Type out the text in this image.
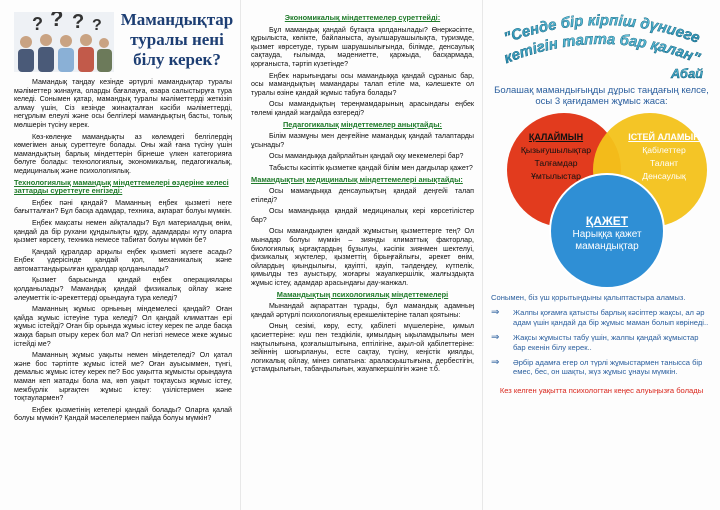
? ? ? ? Мамандықтар туралы нені білу керек?

Мамандық таңдау кезінде әртүрлі мамандықтар туралы мәліметтер жинауға, оларды бағалауға, өзара салыстыруға тура келеді. Сонымен қатар, мамандық туралы мәліметтерді жеткізіп алмау үшін, Сіз кезінде жинақталған кәсіби мәліметтерді, негұрлым елеулі және осы белгілері мамандықтың басты, толық мөлшерін түсіну керек.

Көз-көлеңке мамандықты аз көлемдегі белгілердің көмегімен анық суреттеуге болады. Оны жай ғана түсіну үшін мамандықтың барлық міндеттерін бірнеше үлкен категорияға бөлуге болады: технологиялық, экономикалық, педагогикалық, медициналық және психологиялық.

Технологиялық мамандық міндеттемелері өздеріне келесі заттарды суреттеуге енгізеді:

Еңбек пәні қандай? Маманның еңбек қызметі неге бағытталған? Бұл басқа адамдар, техника, ақпарат болуы мүмкін.

Еңбек мақсаты немен айқталады? Бұл материалдық өнім, қандай да бір рухани құндылықты құру, адамдарды күту оларға қызмет көрсету, техника немесе табиғат болуы мүмкін бе?

Қандай құралдар арқылы еңбек қызметі жүзеге асады? Еңбек үдерісінде қандай қол, механикалық және автоматтандырылған құралдар қолданылады?

Қызмет барысында қандай еңбек операциялары қолданылады? Мамандық қандай физикалық ойлау және әлеуметтік іс-әрекеттерді орындауға тура келеді?

Маманның жұмыс орнының міндемелесі қандай? Оған қайда жұмыс істеуіне тура келеді? Ол қандай климаттан ері жұмыс істейді? Оған бір орында жұмыс істеу керек пе әлде басқа жаққа барып отыру керек бол ма? Ол негізгі немесе жеке жұмыс істейді ме?

Маманның жұмыс уақыты немен міндетеледі? Ол қатал және бос тәртіпте жұмыс істей ме? Оған ауысыммен, түнгі, демалыс жұмыс істеу керек пе? Бос уақытта жұмысты орындауға маман кеп жатады бола ма, көп уақыт тоқтаусыз жұмыс істеу, межбүрлік ырғақтен жұмыс істеу: үзілістермен және тоқтаулармен?

Еңбек қызметінің кетелері қандай болады? Оларға қалай болуы мүмкін? Қандай мәселелермен пайда болуы мүмкін?

Экономикалық міндеттемелер суреттейді:

Бұл мамандық қандай бұтақта қолданылады? Өнеркәсіпте, құрылыста, көлікте, байланыста, ауылшаруашылықта, туризмде, қызмет көрсетуде, турым шаруашылығында, білімде, денсаулық сақтауда, ғылымда, мәдениетте, қаржыда, басқармада, қорғаныста, тәртіп күзетінде?

Еңбек нарығындағы осы мамандыққа қандай сұраныс бар, осы мамандықтың мамандары талап етіле ма, кәлешекте ол туралы өзіне қандай жұмыс табуға болады?

Осы мамандықтың тереңмамдарының арасындағы еңбек төлемі қандай жағдайда өзгереді?

Педагогикалық міндеттемелер анықтайды:

Білім мазмұны мен деңгейіне мамандық қандай талаптарды ұсынады?

Осы мамандыққа дайрлайтын қандай оқу мекемелері бар?

Табысты кәсіптік қызметке қандай білім мен дағдылар қажет?

Мамандықтың медициналық міндеттемелері анықтайды:

Осы мамандыққа денсаулықтың қандай деңгейі талап етіледі?

Осы мамандыққа қандай медициналық кері көрсетілістер бар?

Осы мамандықпен қандай жұмыстың қызметтерге тең? Ол мынадар болуы мүмкін – зиянды климаттық факторлар, биологиялық ырғақтардың бұзылуы, кәсіпік зиянмен шектелуі, физикалық жүктелер, қызметтің бірыңғайлығы, әрекет өнім, ойлардың қиындылығы, қауіпті, қауіп, тәлдеңдеу, күтпелік, қимылды тез ауыстыру, жоғарғы жауапкершілік, жалғыздықта жұмыс істеу, адамдар арасындағы дау-жанжал.

Мамандықтың психологиялық міндеттемелері

Мынандай ақпараттан тұрады, бұл мамандық адамның қандай әртүрлі психологиялық ерекшеліктеріне талап қоятыны:

Оның сезімі, көру, есту, қабілеті мүшелеріне, қимыл қасиеттеріне: күш пен тездікілік, қимылдың ықыламдылығы мен нақтылығына, қозғалыштығына, ептілігіне, ақыл-ой қабілеттеріне: зейіннің шоғырлануы, есте сақтау, түсіну, кеңістік қиялды, логикалық ойлау, мінез сипатына: араласқыштығына, дербестігін, ұстамдылығын, табандылығын, жауапкершілігін және т.б.

"Сенде бір кірпіш дүниеге
кетігін тапта бар қалан"
Абай
Болашақ мамандығыңды дұрыс таңдағың келсе, осы 3 қағидамен жұмыс жаса:
ҚАЛАЙМЫН
Қызығушылықтар
Талғамдар
Ұмтылыстар
ІСТЕЙ АЛАМЫН
Қабілеттер
Талант
Денсаулық
ҚАЖЕТ
Нарыққа қажет
мамандықтар
Сонымен, біз үш қорытындыны қалыптастыра аламыз.
⇒	Жалпы қоғамға қатысты барлық кәсіптер жақсы, ал әр адам үшін қандай да бір жұмыс маман болып көрінеді..
⇒	Жақсы жұмысты табу үшін, жалпы қандай жұмыстар бар екенін білу керек..
⇒	Әрбір адамға егер ол түрлі жұмыстармен танысса бір емес, бес, он шақты, жүз жұмыс ұнауы мүмкін.
Кез келген уақытта психологтан кеңес алуыңызға болады
